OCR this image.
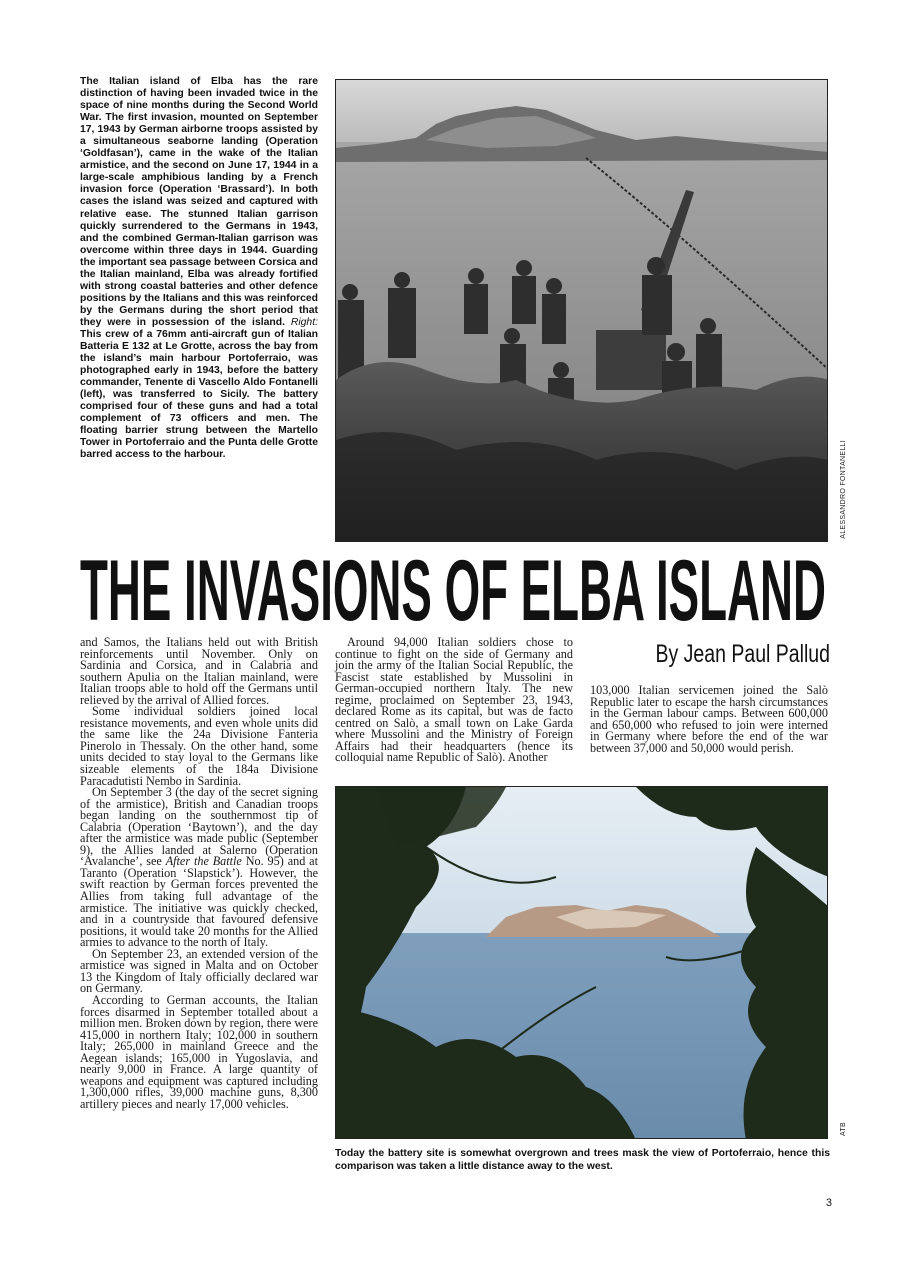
The Italian island of Elba has the rare distinction of having been invaded twice in the space of nine months during the Second World War. The first invasion, mounted on September 17, 1943 by German airborne troops assisted by a simultaneous seaborne landing (Operation ‘Goldfasan’), came in the wake of the Italian armistice, and the second on June 17, 1944 in a large-scale amphibious landing by a French invasion force (Operation ‘Brassard’). In both cases the island was seized and captured with relative ease. The stunned Italian garrison quickly surrendered to the Germans in 1943, and the combined German-Italian garrison was overcome within three days in 1944. Guarding the important sea passage between Corsica and the Italian mainland, Elba was already fortified with strong coastal batteries and other defence positions by the Italians and this was reinforced by the Germans during the short period that they were in possession of the island. Right: This crew of a 76mm anti-aircraft gun of Italian Batteria E 132 at Le Grotte, across the bay from the island’s main harbour Portoferraio, was photographed early in 1943, before the battery commander, Tenente di Vascello Aldo Fontanelli (left), was transferred to Sicily. The battery comprised four of these guns and had a total complement of 73 officers and men. The floating barrier strung between the Martello Tower in Portoferraio and the Punta delle Grotte barred access to the harbour.	ALESSANDRO FONTANELLI
THE INVASIONS OF ELBA ISLAND
By Jean Paul Pallud

and Samos, the Italians held out with British reinforcements until November. Only on Sardinia and Corsica, and in Calabria and southern Apulia on the Italian mainland, were Italian troops able to hold off the Germans until relieved by the arrival of Allied forces.

Some individual soldiers joined local resistance movements, and even whole units did the same like the 24a Divisione Fanteria Pinerolo in Thessaly. On the other hand, some units decided to stay loyal to the Germans like sizeable elements of the 184a Divisione Paracadutisti Nembo in Sardinia.

On September 3 (the day of the secret signing of the armistice), British and Canadian troops began landing on the southernmost tip of Calabria (Operation ‘Baytown’), and the day after the armistice was made public (September 9), the Allies landed at Salerno (Operation ‘Avalanche’, see After the Battle No. 95) and at Taranto (Operation ‘Slapstick’). However, the swift reaction by German forces prevented the Allies from taking full advantage of the armistice. The initiative was quickly checked, and in a countryside that favoured defensive positions, it would take 20 months for the Allied armies to advance to the north of Italy.

On September 23, an extended version of the armistice was signed in Malta and on October 13 the Kingdom of Italy officially declared war on Germany.

According to German accounts, the Italian forces disarmed in September totalled about a million men. Broken down by region, there were 415,000 in northern Italy; 102,000 in southern Italy; 265,000 in mainland Greece and the Aegean islands; 165,000 in Yugoslavia, and nearly 9,000 in France. A large quantity of weapons and equipment was captured including 1,300,000 rifles, 39,000 machine guns, 8,300 artillery pieces and nearly 17,000 vehicles.

Around 94,000 Italian soldiers chose to continue to fight on the side of Germany and join the army of the Italian Social Republic, the Fascist state established by Mussolini in German-occupied northern Italy. The new regime, proclaimed on September 23, 1943, declared Rome as its capital, but was de facto centred on Salò, a small town on Lake Garda where Mussolini and the Ministry of Foreign Affairs had their headquarters (hence its colloquial name Republic of Salò). Another

103,000 Italian servicemen joined the Salò Republic later to escape the harsh circumstances in the German labour camps. Between 600,000 and 650,000 who refused to join were interned in Germany where before the end of the war between 37,000 and 50,000 would perish.

ATB
Today the battery site is somewhat overgrown and trees mask the view of Portoferraio, hence this comparison was taken a little distance away to the west.
3
